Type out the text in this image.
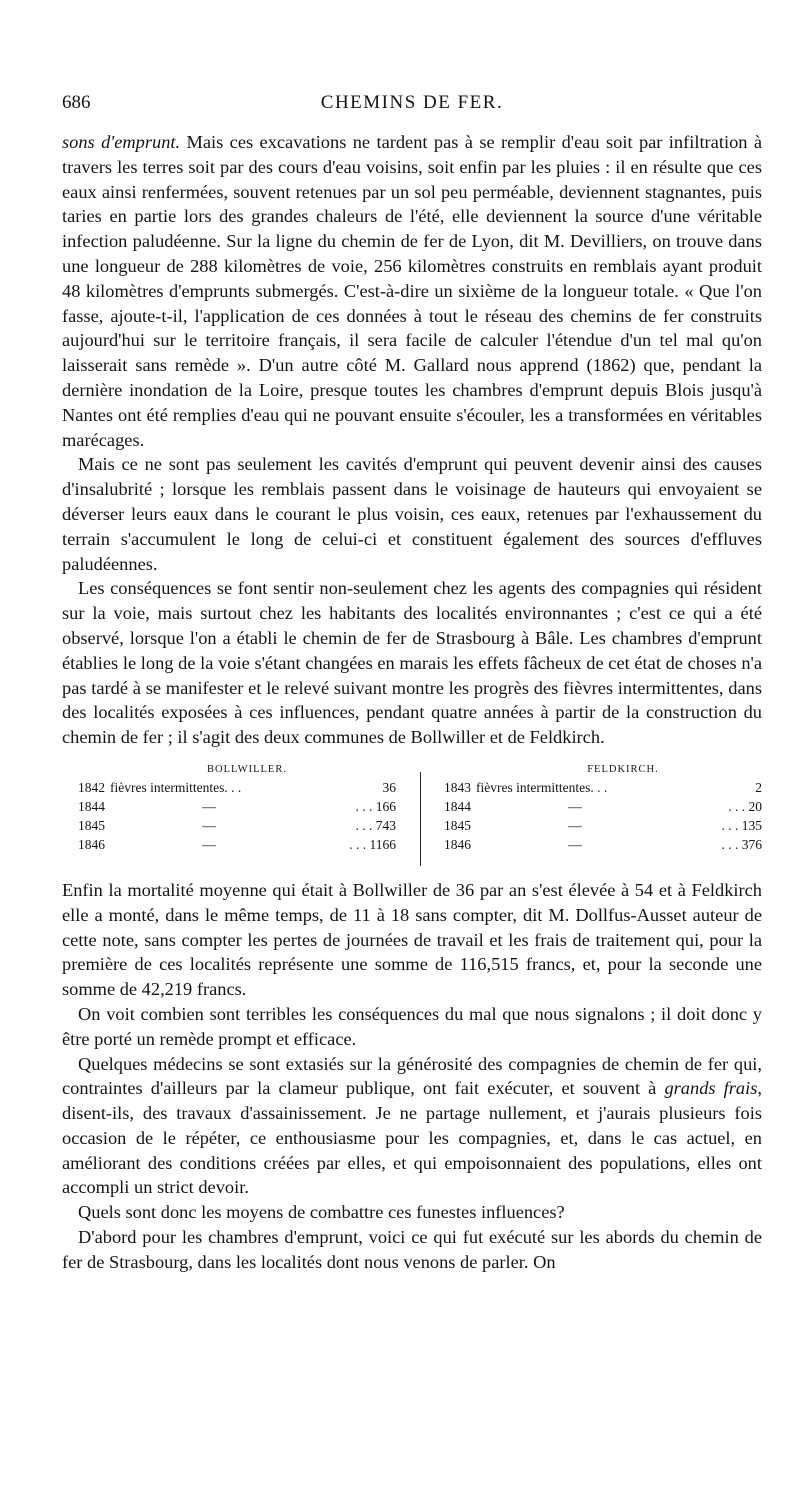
686	CHEMINS DE FER.

sons d'emprunt. Mais ces excavations ne tardent pas à se remplir d'eau soit par infiltration à travers les terres soit par des cours d'eau voisins, soit enfin par les pluies : il en résulte que ces eaux ainsi renfermées, souvent retenues par un sol peu perméable, deviennent stagnantes, puis taries en partie lors des grandes chaleurs de l'été, elle deviennent la source d'une véritable infection paludéenne. Sur la ligne du chemin de fer de Lyon, dit M. Devilliers, on trouve dans une longueur de 288 kilomètres de voie, 256 kilomètres construits en remblais ayant produit 48 kilomètres d'emprunts submergés. C'est-à-dire un sixième de la longueur totale. « Que l'on fasse, ajoute-t-il, l'application de ces données à tout le réseau des chemins de fer construits aujourd'hui sur le territoire français, il sera facile de calculer l'étendue d'un tel mal qu'on laisserait sans remède ». D'un autre côté M. Gallard nous apprend (1862) que, pendant la dernière inondation de la Loire, presque toutes les chambres d'emprunt depuis Blois jusqu'à Nantes ont été remplies d'eau qui ne pouvant ensuite s'écouler, les a transformées en véritables marécages.

Mais ce ne sont pas seulement les cavités d'emprunt qui peuvent devenir ainsi des causes d'insalubrité ; lorsque les remblais passent dans le voisinage de hauteurs qui envoyaient se déverser leurs eaux dans le courant le plus voisin, ces eaux, retenues par l'exhaussement du terrain s'accumulent le long de celui-ci et constituent également des sources d'effluves paludéennes.

Les conséquences se font sentir non-seulement chez les agents des compagnies qui résident sur la voie, mais surtout chez les habitants des localités environnantes ; c'est ce qui a été observé, lorsque l'on a établi le chemin de fer de Strasbourg à Bâle. Les chambres d'emprunt établies le long de la voie s'étant changées en marais les effets fâcheux de cet état de choses n'a pas tardé à se manifester et le relevé suivant montre les progrès des fièvres intermittentes, dans des localités exposées à ces influences, pendant quatre années à partir de la construction du chemin de fer ; il s'agit des deux communes de Bollwiller et de Feldkirch.

BOLLWILLER.
1842 fièvres intermittentes. . .	36
1844	—	. . . 166
1845	—	. . . 743
1846	—	. . . 1166
FELDKIRCH.
1843 fièvres intermittentes. . .	2
1844	—	. . . 20
1845	—	. . . 135
1846	—	. . . 376

Enfin la mortalité moyenne qui était à Bollwiller de 36 par an s'est élevée à 54 et à Feldkirch elle a monté, dans le même temps, de 11 à 18 sans compter, dit M. Dollfus-Ausset auteur de cette note, sans compter les pertes de journées de travail et les frais de traitement qui, pour la première de ces localités représente une somme de 116,515 francs, et, pour la seconde une somme de 42,219 francs.

On voit combien sont terribles les conséquences du mal que nous signalons ; il doit donc y être porté un remède prompt et efficace.

Quelques médecins se sont extasiés sur la générosité des compagnies de chemin de fer qui, contraintes d'ailleurs par la clameur publique, ont fait exécuter, et souvent à grands frais, disent-ils, des travaux d'assainissement. Je ne partage nullement, et j'aurais plusieurs fois occasion de le répéter, ce enthousiasme pour les compagnies, et, dans le cas actuel, en améliorant des conditions créées par elles, et qui empoisonnaient des populations, elles ont accompli un strict devoir.

Quels sont donc les moyens de combattre ces funestes influences?

D'abord pour les chambres d'emprunt, voici ce qui fut exécuté sur les abords du chemin de fer de Strasbourg, dans les localités dont nous venons de parler. On
